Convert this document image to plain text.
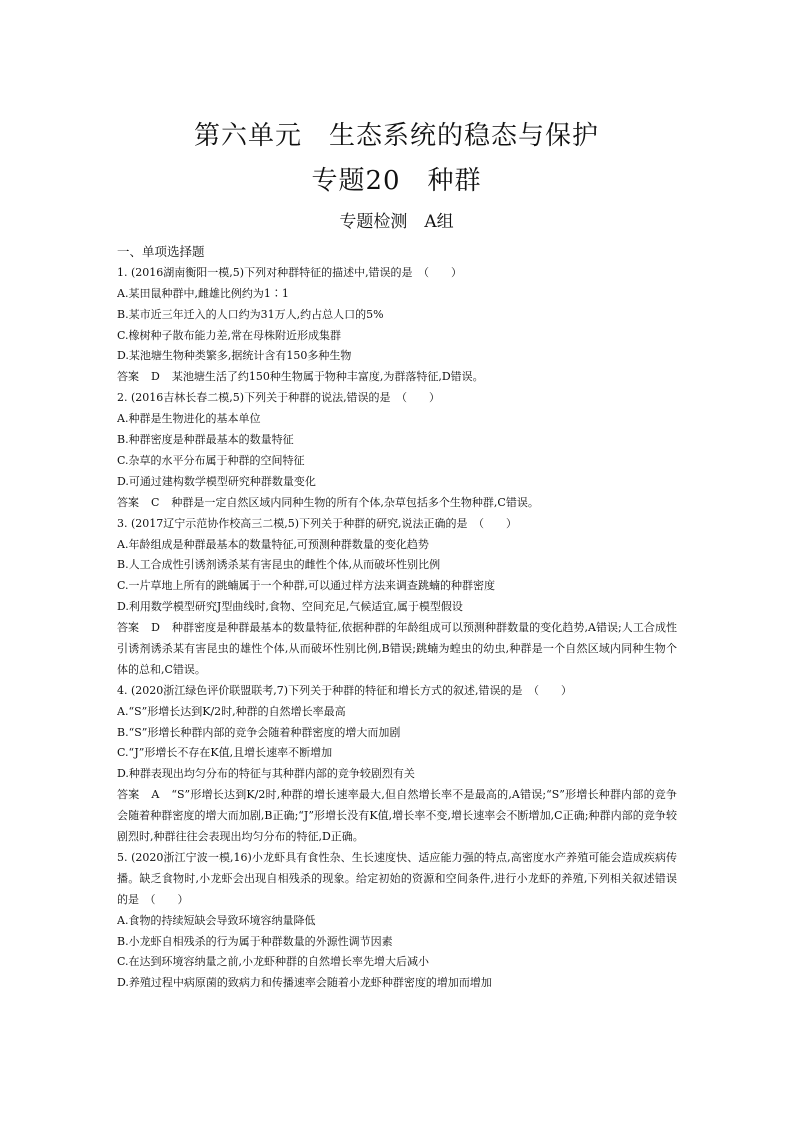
第六单元　生态系统的稳态与保护
专题20　种群
专题检测　A组
一、单项选择题
1. (2016湖南衡阳一模,5)下列对种群特征的描述中,错误的是　（　　）
A.某田鼠种群中,雌雄比例约为1∶1
B.某市近三年迁入的人口约为31万人,约占总人口的5%
C.橡树种子散布能力差,常在母株附近形成集群
D.某池塘生物种类繁多,据统计含有150多种生物
答案 D 某池塘生活了约150种生物属于物种丰富度,为群落特征,D错误。
2. (2016吉林长春二模,5)下列关于种群的说法,错误的是　（　　）
A.种群是生物进化的基本单位
B.种群密度是种群最基本的数量特征
C.杂草的水平分布属于种群的空间特征
D.可通过建构数学模型研究种群数量变化
答案 C 种群是一定自然区域内同种生物的所有个体,杂草包括多个生物种群,C错误。
3. (2017辽宁示范协作校高三二模,5)下列关于种群的研究,说法正确的是　（　　）
A.年龄组成是种群最基本的数量特征,可预测种群数量的变化趋势
B.人工合成性引诱剂诱杀某有害昆虫的雌性个体,从而破坏性别比例
C.一片草地上所有的跳蝻属于一个种群,可以通过样方法来调查跳蝻的种群密度
D.利用数学模型研究J型曲线时,食物、空间充足,气候适宜,属于模型假设
答案 D 种群密度是种群最基本的数量特征,依据种群的年龄组成可以预测种群数量的变化趋势,A错误;人工合成性引诱剂诱杀某有害昆虫的雄性个体,从而破坏性别比例,B错误;跳蝻为蝗虫的幼虫,种群是一个自然区域内同种生物个体的总和,C错误。
4. (2020浙江绿色评价联盟联考,7)下列关于种群的特征和增长方式的叙述,错误的是　（　　）
A.“S”形增长达到K/2时,种群的自然增长率最高
B.“S”形增长种群内部的竞争会随着种群密度的增大而加剧
C.“J”形增长不存在K值,且增长速率不断增加
D.种群表现出均匀分布的特征与其种群内部的竞争较剧烈有关
答案 A “S”形增长达到K/2时,种群的增长速率最大,但自然增长率不是最高的,A错误;“S”形增长种群内部的竞争会随着种群密度的增大而加剧,B正确;“J”形增长没有K值,增长率不变,增长速率会不断增加,C正确;种群内部的竞争较剧烈时,种群往往会表现出均匀分布的特征,D正确。
5. (2020浙江宁波一模,16)小龙虾具有食性杂、生长速度快、适应能力强的特点,高密度水产养殖可能会造成疾病传播。缺乏食物时,小龙虾会出现自相残杀的现象。给定初始的资源和空间条件,进行小龙虾的养殖,下列相关叙述错误的是　（　　）
A.食物的持续短缺会导致环境容纳量降低
B.小龙虾自相残杀的行为属于种群数量的外源性调节因素
C.在达到环境容纳量之前,小龙虾种群的自然增长率先增大后减小
D.养殖过程中病原菌的致病力和传播速率会随着小龙虾种群密度的增加而增加
